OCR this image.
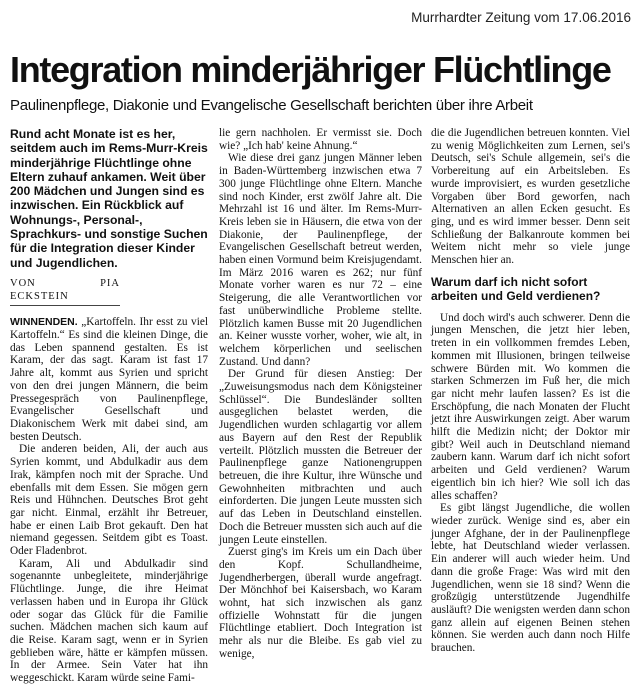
Murrhardter Zeitung vom 17.06.2016
Integration minderjähriger Flüchtlinge
Paulinenpflege, Diakonie und Evangelische Gesellschaft berichten über ihre Arbeit
Rund acht Monate ist es her, seitdem auch im Rems-Murr-Kreis minderjährige Flüchtlinge ohne Eltern zuhauf ankamen. Weit über 200 Mädchen und Jungen sind es inzwischen. Ein Rückblick auf Wohnungs-, Personal-, Sprachkurs- und sonstige Suchen für die Integration dieser Kinder und Jugendlichen.
VON PIA ECKSTEIN

WINNENDEN. „Kartoffeln. Ihr esst zu viel Kartoffeln.“ Es sind die kleinen Dinge, die das Leben spannend gestalten. Es ist Karam, der das sagt. Karam ist fast 17 Jahre alt, kommt aus Syrien und spricht von den drei jungen Männern, die beim Pressegespräch von Paulinenpflege, Evangelischer Gesellschaft und Diakonischem Werk mit dabei sind, am besten Deutsch.

Die anderen beiden, Ali, der auch aus Syrien kommt, und Abdulkadir aus dem Irak, kämpfen noch mit der Sprache. Und ebenfalls mit dem Essen. Sie mögen gern Reis und Hühnchen. Deutsches Brot geht gar nicht. Einmal, erzählt ihr Betreuer, habe er einen Laib Brot gekauft. Den hat niemand gegessen. Seitdem gibt es Toast. Oder Fladenbrot.

Karam, Ali und Abdulkadir sind sogenannte unbegleitete, minderjährige Flüchtlinge. Junge, die ihre Heimat verlassen haben und in Europa ihr Glück oder sogar das Glück für die Familie suchen. Mädchen machen sich kaum auf die Reise. Karam sagt, wenn er in Syrien geblieben wäre, hätte er kämpfen müssen. In der Armee. Sein Vater hat ihn weggeschickt. Karam würde seine Fami-

lie gern nachholen. Er vermisst sie. Doch wie? „Ich hab' keine Ahnung.“

Wie diese drei ganz jungen Männer leben in Baden-Württemberg inzwischen etwa 7 300 junge Flüchtlinge ohne Eltern. Manche sind noch Kinder, erst zwölf Jahre alt. Die Mehrzahl ist 16 und älter. Im Rems-Murr-Kreis leben sie in Häusern, die etwa von der Diakonie, der Paulinenpflege, der Evangelischen Gesellschaft betreut werden, haben einen Vormund beim Kreisjugendamt. Im März 2016 waren es 262; nur fünf Monate vorher waren es nur 72 – eine Steigerung, die alle Verantwortlichen vor fast unüberwindliche Probleme stellte. Plötzlich kamen Busse mit 20 Jugendlichen an. Keiner wusste vorher, woher, wie alt, in welchem körperlichen und seelischen Zustand. Und dann?

Der Grund für diesen Anstieg: Der „Zuweisungsmodus nach dem Königsteiner Schlüssel“. Die Bundesländer sollten ausgeglichen belastet werden, die Jugendlichen wurden schlagartig vor allem aus Bayern auf den Rest der Republik verteilt. Plötzlich mussten die Betreuer der Paulinenpflege ganze Nationengruppen betreuen, die ihre Kultur, ihre Wünsche und Gewohnheiten mitbrachten und auch einforderten. Die jungen Leute mussten sich auf das Leben in Deutschland einstellen. Doch die Betreuer mussten sich auch auf die jungen Leute einstellen.

Zuerst ging's im Kreis um ein Dach über den Kopf. Schullandheime, Jugendherbergen, überall wurde angefragt. Der Mönchhof bei Kaisersbach, wo Karam wohnt, hat sich inzwischen als ganz offizielle Wohnstatt für die jungen Flüchtlinge etabliert. Doch Integration ist mehr als nur die Bleibe. Es gab viel zu wenige,

die die Jugendlichen betreuen konnten. Viel zu wenig Möglichkeiten zum Lernen, sei's Deutsch, sei's Schule allgemein, sei's die Vorbereitung auf ein Arbeitsleben. Es wurde improvisiert, es wurden gesetzliche Vorgaben über Bord geworfen, nach Alternativen an allen Ecken gesucht. Es ging, und es wird immer besser. Denn seit Schließung der Balkanroute kommen bei Weitem nicht mehr so viele junge Menschen hier an.

Warum darf ich nicht sofort arbeiten und Geld verdienen?

Und doch wird's auch schwerer. Denn die jungen Menschen, die jetzt hier leben, treten in ein vollkommen fremdes Leben, kommen mit Illusionen, bringen teilweise schwere Bürden mit. Wo kommen die starken Schmerzen im Fuß her, die mich gar nicht mehr laufen lassen? Es ist die Erschöpfung, die nach Monaten der Flucht jetzt ihre Auswirkungen zeigt. Aber warum hilft die Medizin nicht; der Doktor mir gibt? Weil auch in Deutschland niemand zaubern kann. Warum darf ich nicht sofort arbeiten und Geld verdienen? Warum eigentlich bin ich hier? Wie soll ich das alles schaffen?

Es gibt längst Jugendliche, die wollen wieder zurück. Wenige sind es, aber ein junger Afghane, der in der Paulinenpflege lebte, hat Deutschland wieder verlassen. Ein anderer will auch wieder heim. Und dann die große Frage: Was wird mit den Jugendlichen, wenn sie 18 sind? Wenn die großzügig unterstützende Jugendhilfe ausläuft? Die wenigsten werden dann schon ganz allein auf eigenen Beinen stehen können. Sie werden auch dann noch Hilfe brauchen.
